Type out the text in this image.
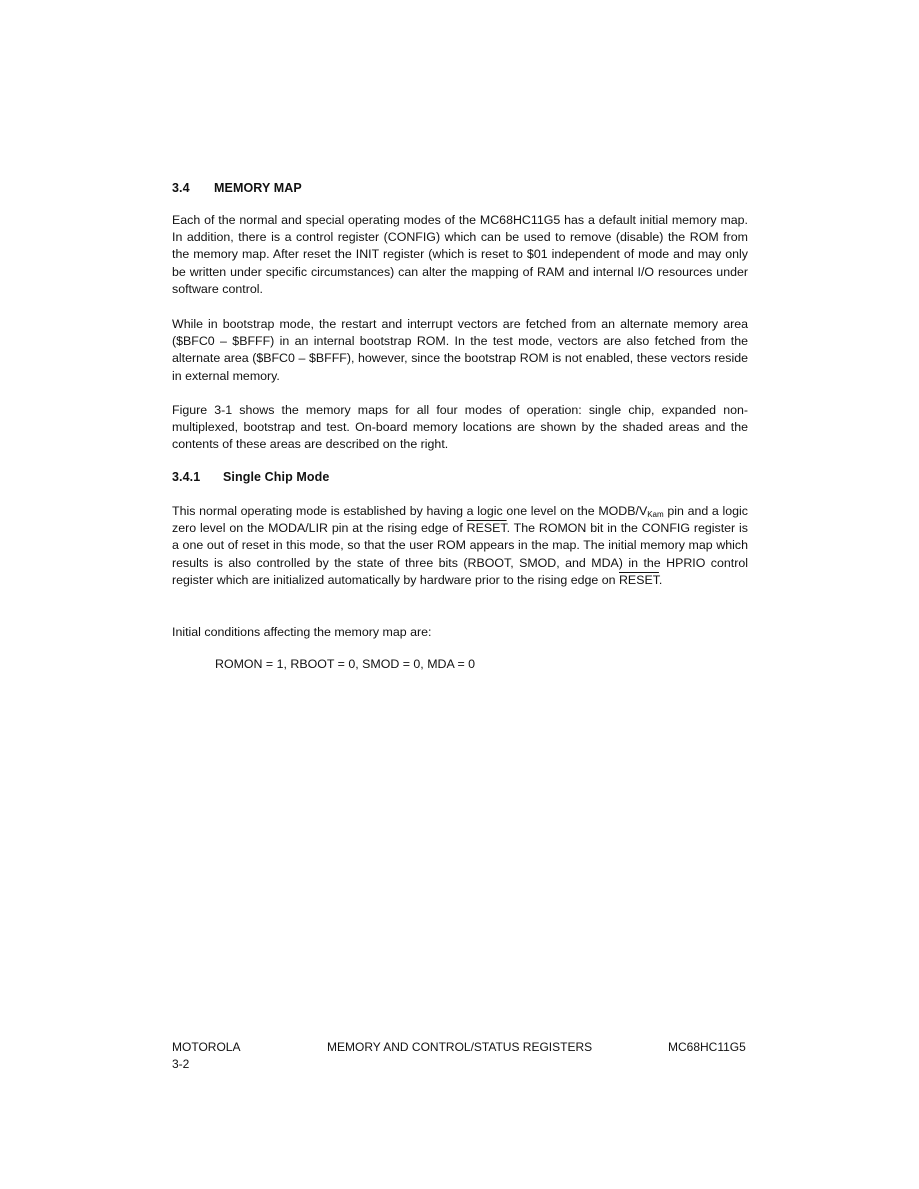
3.4 MEMORY MAP

Each of the normal and special operating modes of the MC68HC11G5 has a default initial memory map. In addition, there is a control register (CONFIG) which can be used to remove (disable) the ROM from the memory map. After reset the INIT register (which is reset to $01 independent of mode and may only be written under specific circumstances) can alter the mapping of RAM and internal I/O resources under software control.

While in bootstrap mode, the restart and interrupt vectors are fetched from an alternate memory area ($BFC0 – $BFFF) in an internal bootstrap ROM. In the test mode, vectors are also fetched from the alternate area ($BFC0 – $BFFF), however, since the bootstrap ROM is not enabled, these vectors reside in external memory.

Figure 3-1 shows the memory maps for all four modes of operation: single chip, expanded non-multiplexed, bootstrap and test. On-board memory locations are shown by the shaded areas and the contents of these areas are described on the right.

3.4.1 Single Chip Mode

This normal operating mode is established by having a logic one level on the MODB/$V_{Kam}$ pin and a logic zero level on the MODA/LIR pin at the rising edge of RESET. The ROMON bit in the CONFIG register is a one out of reset in this mode, so that the user ROM appears in the map. The initial memory map which results is also controlled by the state of three bits (RBOOT, SMOD, and MDA) in the HPRIO control register which are initialized automatically by hardware prior to the rising edge on RESET.

Initial conditions affecting the memory map are:

ROMON = 1, RBOOT = 0, SMOD = 0, MDA = 0
MOTOROLA	MEMORY AND CONTROL/STATUS REGISTERS	MC68HC11G5
3-2
